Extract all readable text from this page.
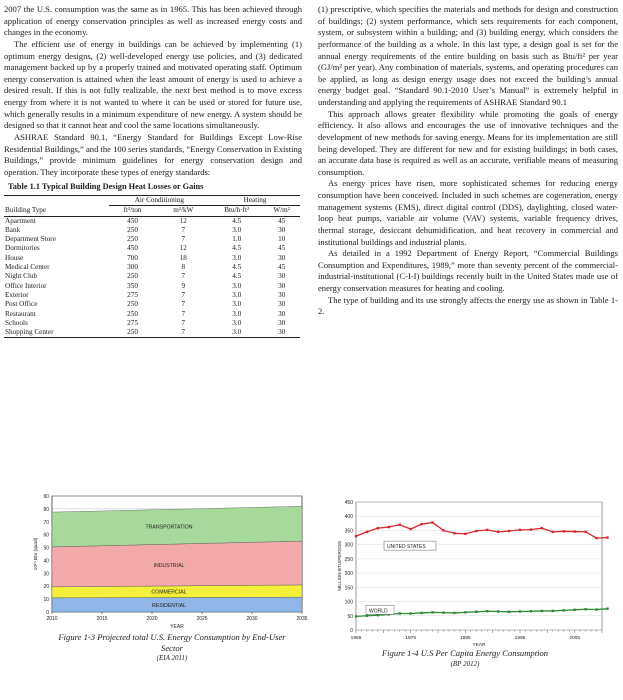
2007 the U.S. consumption was the same as in 1965. This has been achieved through application of energy conservation principles as well as increased energy costs and changes in the economy.

The efficient use of energy in buildings can be achieved by implementing (1) optimum energy designs, (2) well-developed energy use policies, and (3) dedicated management backed up by a properly trained and motivated operating staff. Optimum energy conservation is attained when the least amount of energy is used to achieve a desired result. If this is not fully realizable, the next best method is to move excess energy from where it is not wanted to where it can be used or stored for future use, which generally results in a minimum expenditure of new energy. A system should be designed so that it cannot heat and cool the same locations simultaneously.

ASHRAE Standard 90.1, “Energy Standard for Buildings Except Low-Rise Residential Buildings,” and the 100 series standards, “Energy Conservation in Existing Buildings,” provide minimum guidelines for energy conservation design and operation. They incorporate these types of energy standards:

Table 1.1 Typical Building Design Heat Losses or Gains
	Air Conditioning		Heating	
Building Type	ft²/ton	m²/kW	Btu/h·ft²	W/m²
Apartment	450	12	4.5	45
Bank	250	7	3.0	30
Department Store	250	7	1.0	10
Dormitories	450	12	4.5	45
House	700	18	3.0	30
Medical Center	300	8	4.5	45
Night Club	250	7	4.5	30
Office Interior	350	9	3.0	30
Exterior	275	7	3.0	30
Post Office	250	7	3.0	30
Restaurant	250	7	3.0	30
Schools	275	7	3.0	30
Shopping Center	250	7	3.0	30

(1) prescriptive, which specifies the materials and methods for design and construction of buildings; (2) system performance, which sets requirements for each component, system, or subsystem within a building; and (3) building energy, which considers the performance of the building as a whole. In this last type, a design goal is set for the annual energy requirements of the entire building on basis such as Btu/ft² per year (GJ/m² per year). Any combination of materials, systems, and operating procedures can be applied, as long as design energy usage does not exceed the building’s annual energy budget goal. “Standard 90.1-2010 User’s Manual” is extremely helpful in understanding and applying the requirements of ASHRAE Standard 90.1

This approach allows greater flexibility while promoting the goals of energy efficiency. It also allows and encourages the use of innovative techniques and the development of new methods for saving energy. Means for its implementation are still being developed. They are different for new and for existing buildings; in both cases, an accurate data base is required as well as an accurate, verifiable means of measuring consumption.

As energy prices have risen, more sophisticated schemes for reducing energy consumption have been conceived. Included in such schemes are cogeneration, energy management systems (EMS), direct digital control (DDS), daylighting, closed water-loop heat pumps, variable air volume (VAV) systems, variable frequency drives, thermal storage, desiccant dehumidification, and heat recovery in commercial and institutional buildings and industrial plants.

As detailed in a 1992 Department of Energy Report, “Commercial Buildings Consumption and Expenditures, 1989,” more than seventy percent of the commercial-industrial-institutional (C-I-I) buildings recently built in the United States made use of energy conservation measures for heating and cooling.

The type of building and its use strongly affects the energy use as shown in Table 1-2.

0
10
20
30
40
50
60
70
80
90
RESIDENTIAL
COMMERCIAL
INDUSTRIAL
TRANSPORTATION
2010	2015	2020	2025	2030	2035
YEAR
10¹⁵ Btu (quad)
Figure 1-3 Projected total U.S. Energy Consumption by End-User Sector
(EIA 2011)
0
50
100
150
200
250
300
350
400
450
1965	1975	1985	1995	2005
YEAR
MILLION BTU/PERSON	UNITED STATES
WORLD
Figure 1-4 U.S Per Capita Energy Consumption
(BP 2012)
